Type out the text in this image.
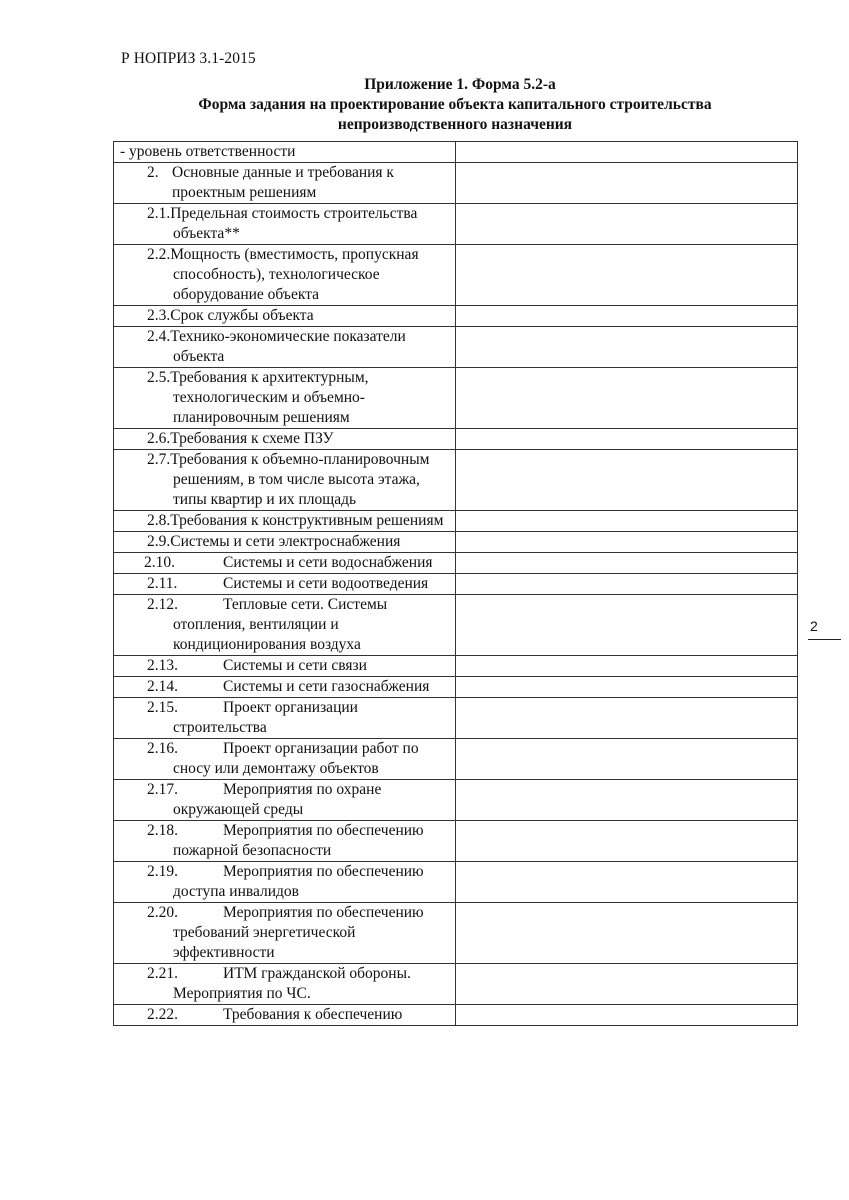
Р НОПРИЗ 3.1-2015
Приложение 1. Форма 5.2-а
Форма задания на проектирование объекта капитального строительства
непроизводственного назначения
- уровень ответственности	

2. Основные данные и требования к проектным решениям	

2.1.Предельная стоимость строительства объекта**	

2.2.Мощность (вместимость, пропускная способность), технологическое оборудование объекта	

2.3.Срок службы объекта	

2.4.Технико-экономические показатели объекта	

2.5.Требования к архитектурным, технологическим и объемно-планировочным решениям	

2.6.Требования к схеме ПЗУ	

2.7.Требования к объемно-планировочным решениям, в том числе высота этажа, типы квартир и их площадь	

2.8.Требования к конструктивным решениям	

2.9.Системы и сети электроснабжения	

2.10. Системы и сети водоснабжения	

2.11. Системы и сети водоотведения	

2.12. Тепловые сети. Системы отопления, вентиляции и кондиционирования воздуха	

2.13. Системы и сети связи	

2.14. Системы и сети газоснабжения	

2.15. Проект организации строительства	

2.16. Проект организации работ по сносу или демонтажу объектов	

2.17. Мероприятия по охране окружающей среды	

2.18. Мероприятия по обеспечению пожарной безопасности	

2.19. Мероприятия по обеспечению доступа инвалидов	

2.20. Мероприятия по обеспечению требований энергетической эффективности	

2.21. ИТМ гражданской обороны. Мероприятия по ЧС.	

2.22. Требования к обеспечению	

2
